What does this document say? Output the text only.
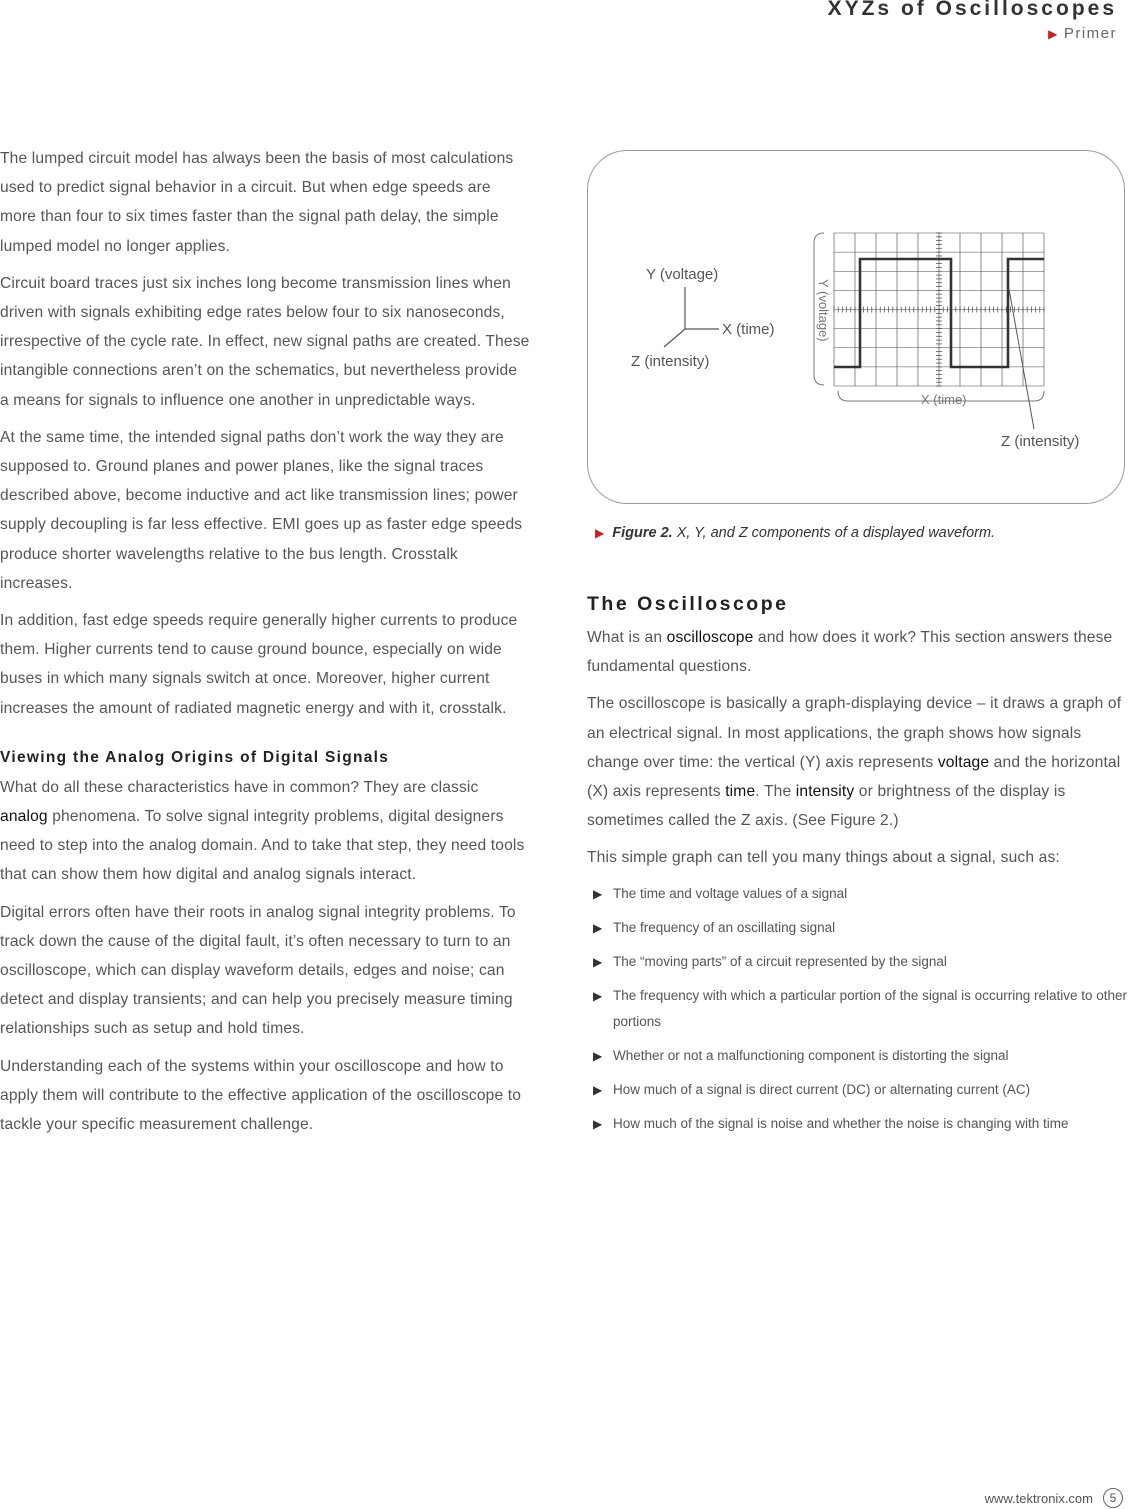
XYZs of Oscilloscopes
▶ Primer

The lumped circuit model has always been the basis of most calculations used to predict signal behavior in a circuit. But when edge speeds are more than four to six times faster than the signal path delay, the simple lumped model no longer applies.

Circuit board traces just six inches long become transmission lines when driven with signals exhibiting edge rates below four to six nanoseconds, irrespective of the cycle rate. In effect, new signal paths are created. These intangible connections aren’t on the schematics, but nevertheless provide a means for signals to influence one another in unpredictable ways.

At the same time, the intended signal paths don’t work the way they are supposed to. Ground planes and power planes, like the signal traces described above, become inductive and act like transmission lines; power supply decoupling is far less effective. EMI goes up as faster edge speeds produce shorter wavelengths relative to the bus length. Crosstalk increases.

In addition, fast edge speeds require generally higher currents to produce them. Higher currents tend to cause ground bounce, especially on wide buses in which many signals switch at once. Moreover, higher current increases the amount of radiated magnetic energy and with it, crosstalk.

Viewing the Analog Origins of Digital Signals

What do all these characteristics have in common? They are classic analog phenomena. To solve signal integrity problems, digital designers need to step into the analog domain. And to take that step, they need tools that can show them how digital and analog signals interact.

Digital errors often have their roots in analog signal integrity problems. To track down the cause of the digital fault, it’s often necessary to turn to an oscilloscope, which can display waveform details, edges and noise; can detect and display transients; and can help you precisely measure timing relationships such as setup and hold times.

Understanding each of the systems within your oscilloscope and how to apply them will contribute to the effective application of the oscilloscope to tackle your specific measurement challenge.

Y (voltage)
X (time)
Z (intensity)
Y (voltage)
X (time)
Z (intensity)
▶ Figure 2. X, Y, and Z components of a displayed waveform.
The Oscilloscope

What is an oscilloscope and how does it work? This section answers these fundamental questions.

The oscilloscope is basically a graph-displaying device – it draws a graph of an electrical signal. In most applications, the graph shows how signals change over time: the vertical (Y) axis represents voltage and the horizontal (X) axis represents time. The intensity or brightness of the display is sometimes called the Z axis. (See Figure 2.)

This simple graph can tell you many things about a signal, such as:

▶ The time and voltage values of a signal
▶ The frequency of an oscillating signal
▶ The “moving parts” of a circuit represented by the signal
▶ The frequency with which a particular portion of the signal is occurring relative to other portions
▶ Whether or not a malfunctioning component is distorting the signal
▶ How much of a signal is direct current (DC) or alternating current (AC)
▶ How much of the signal is noise and whether the noise is changing with time
www.tektronix.com	5
